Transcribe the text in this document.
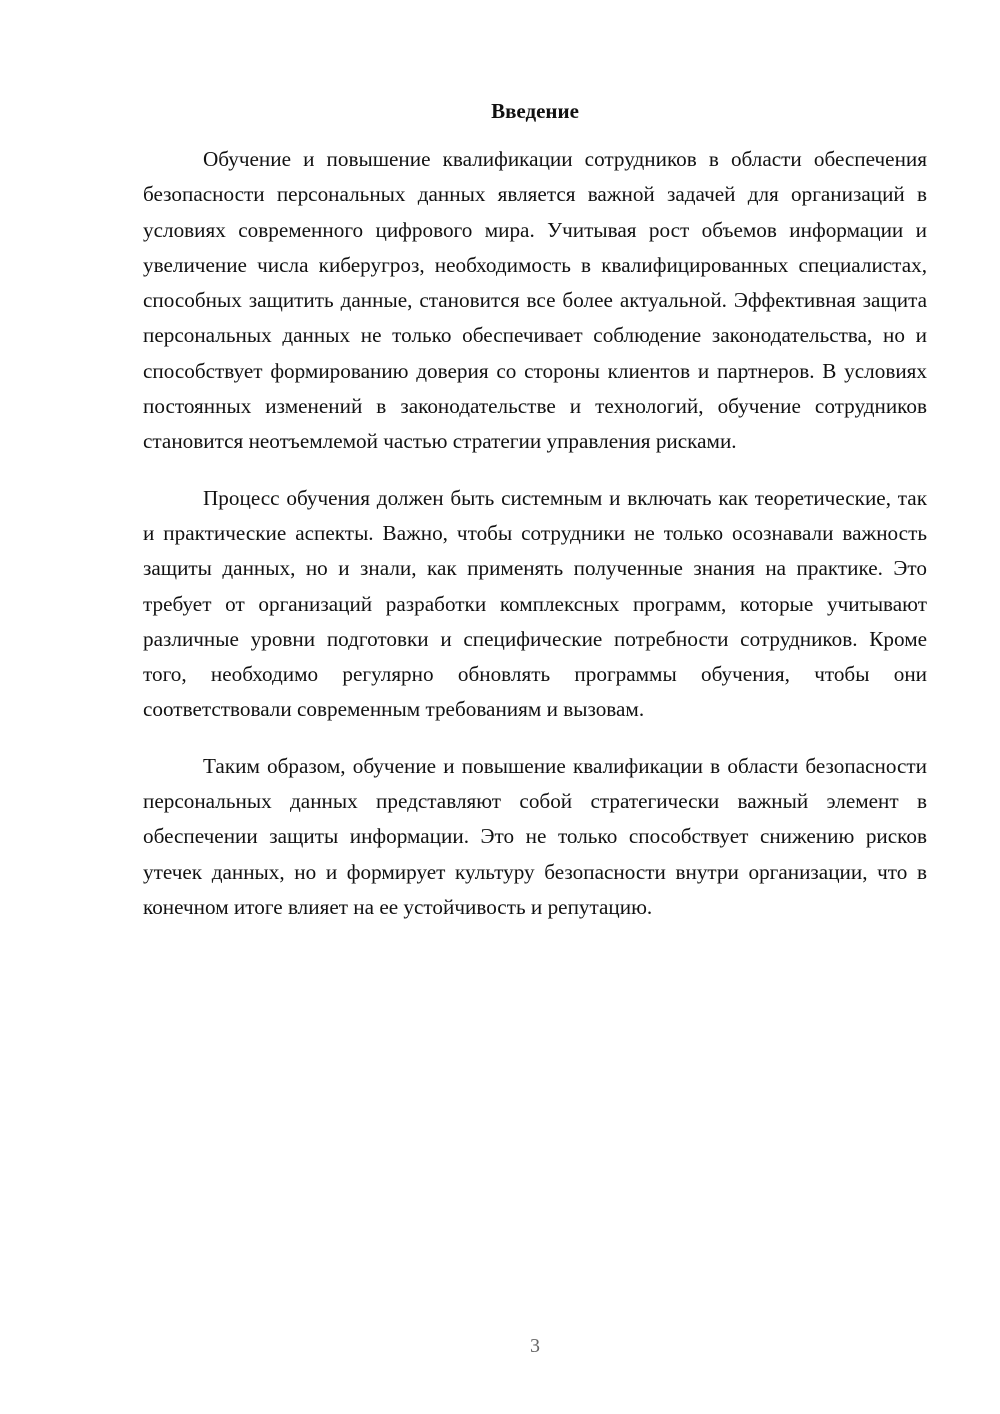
Введение

Обучение и повышение квалификации сотрудников в области обеспечения безопасности персональных данных является важной задачей для организаций в условиях современного цифрового мира. Учитывая рост объемов информации и увеличение числа киберугроз, необходимость в квалифицированных специалистах, способных защитить данные, становится все более актуальной. Эффективная защита персональных данных не только обеспечивает соблюдение законодательства, но и способствует формированию доверия со стороны клиентов и партнеров. В условиях постоянных изменений в законодательстве и технологий, обучение сотрудников становится неотъемлемой частью стратегии управления рисками.

Процесс обучения должен быть системным и включать как теоретические, так и практические аспекты. Важно, чтобы сотрудники не только осознавали важность защиты данных, но и знали, как применять полученные знания на практике. Это требует от организаций разработки комплексных программ, которые учитывают различные уровни подготовки и специфические потребности сотрудников. Кроме того, необходимо регулярно обновлять программы обучения, чтобы они соответствовали современным требованиям и вызовам.

Таким образом, обучение и повышение квалификации в области безопасности персональных данных представляют собой стратегически важный элемент в обеспечении защиты информации. Это не только способствует снижению рисков утечек данных, но и формирует культуру безопасности внутри организации, что в конечном итоге влияет на ее устойчивость и репутацию.

3
